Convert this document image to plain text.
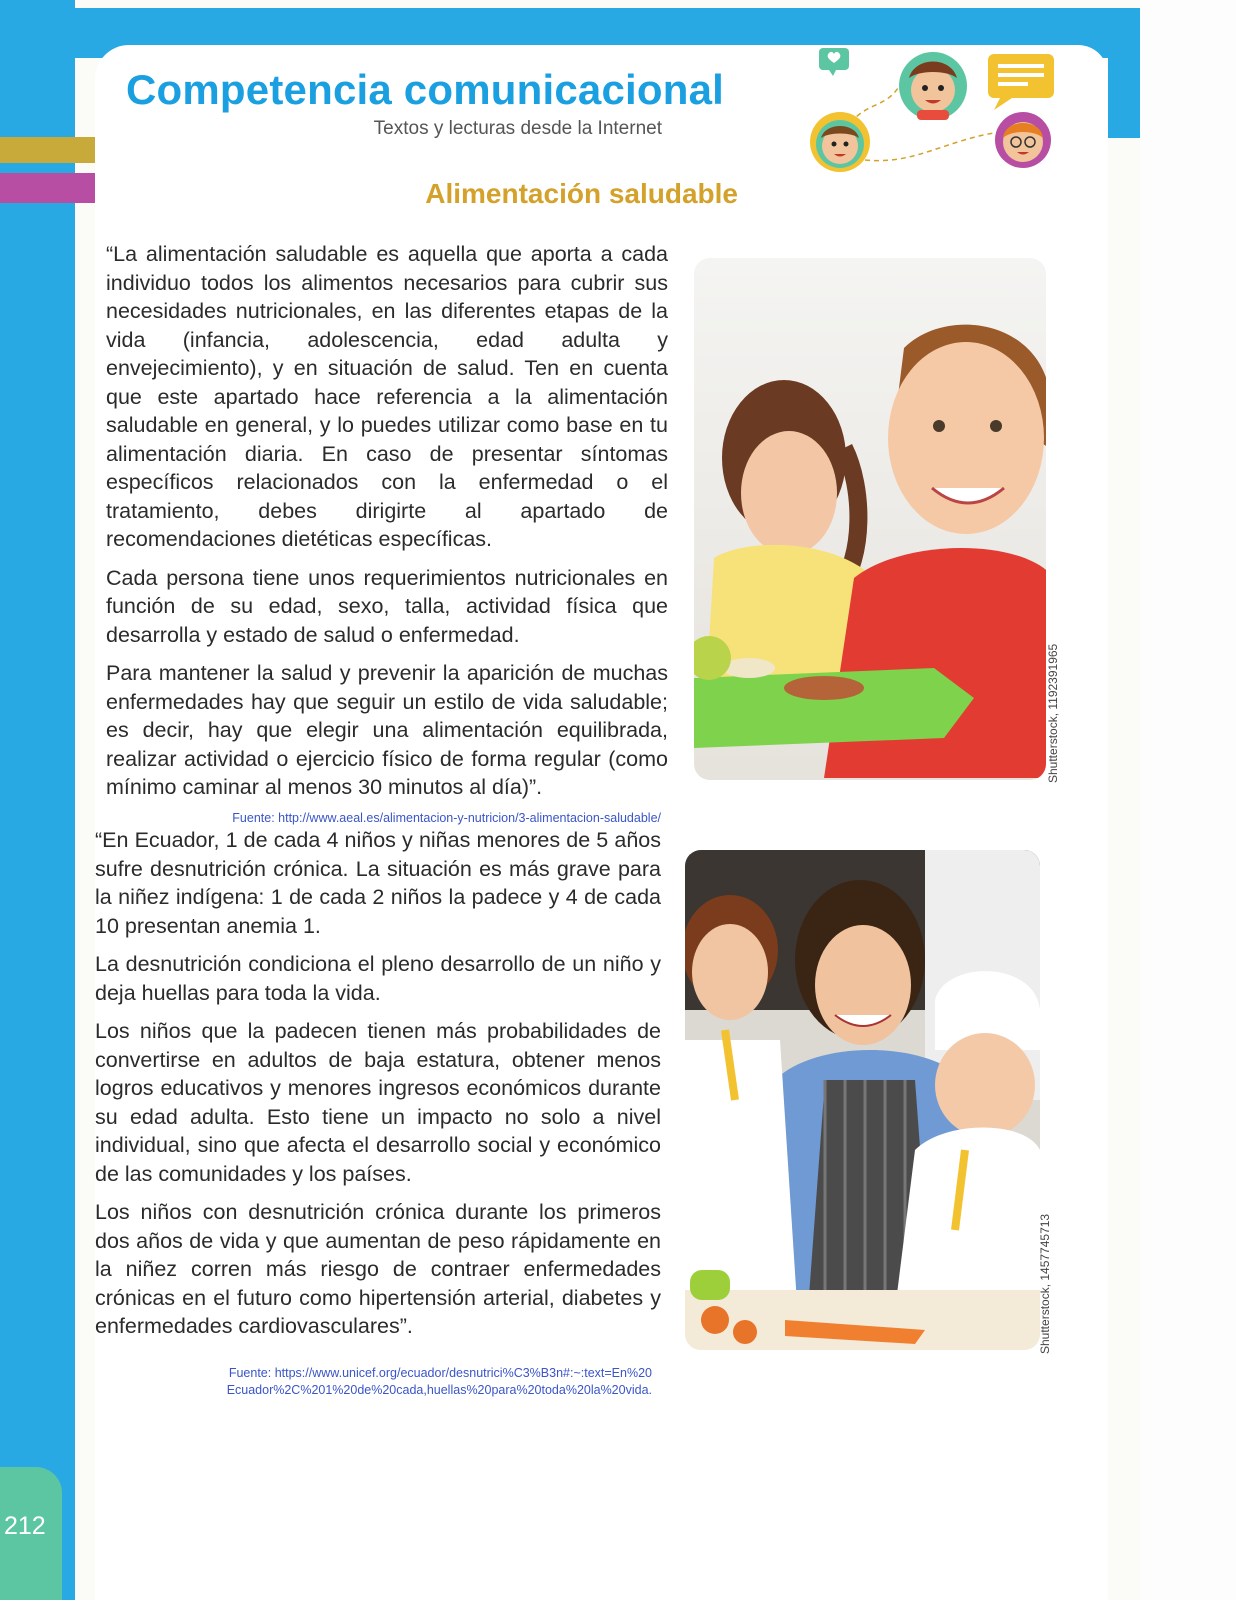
Competencia comunicacional
Textos y lecturas desde la Internet
Alimentación saludable

“La alimentación saludable es aquella que aporta a cada individuo todos los alimentos necesarios para cubrir sus necesidades nutricionales, en las diferentes etapas de la vida (infancia, adolescencia, edad adulta y envejecimiento), y en situación de salud. Ten en cuenta que este apartado hace referencia a la alimentación saludable en general, y lo puedes utilizar como base en tu alimentación diaria. En caso de presentar síntomas específicos relacionados con la enfermedad o el tratamiento, debes dirigirte al apartado de recomendaciones dietéticas específicas.

Cada persona tiene unos requerimientos nutricionales en función de su edad, sexo, talla, actividad física que desarrolla y estado de salud o enfermedad.

Para mantener la salud y prevenir la aparición de muchas enfermedades hay que seguir un estilo de vida saludable; es decir, hay que elegir una alimentación equilibrada, realizar actividad o ejercicio físico de forma regular (como mínimo caminar al menos 30 minutos al día)”.

Fuente: http://www.aeal.es/alimentacion-y-nutricion/3-alimentacion-saludable/

“En Ecuador, 1 de cada 4 niños y niñas menores de 5 años sufre desnutrición crónica. La situación es más grave para la niñez indígena: 1 de cada 2 niños la padece y 4 de cada 10 presentan anemia 1.

La desnutrición condiciona el pleno desarrollo de un niño y deja huellas para toda la vida.

Los niños que la padecen tienen más probabilidades de convertirse en adultos de baja estatura, obtener menos logros educativos y menores ingresos económicos durante su edad adulta. Esto tiene un impacto no solo a nivel individual, sino que afecta el desarrollo social y económico de las comunidades y los países.

Los niños con desnutrición crónica durante los primeros dos años de vida y que aumentan de peso rápidamente en la niñez corren más riesgo de contraer enfermedades crónicas en el futuro como hipertensión arterial, diabetes y enfermedades cardiovasculares”.

Fuente: https://www.unicef.org/ecuador/desnutrici%C3%B3n#:~:text=En%20
Ecuador%2C%201%20de%20cada,huellas%20para%20toda%20la%20vida.
Shutterstock, 1192391965
Shutterstock, 1457745713
212
